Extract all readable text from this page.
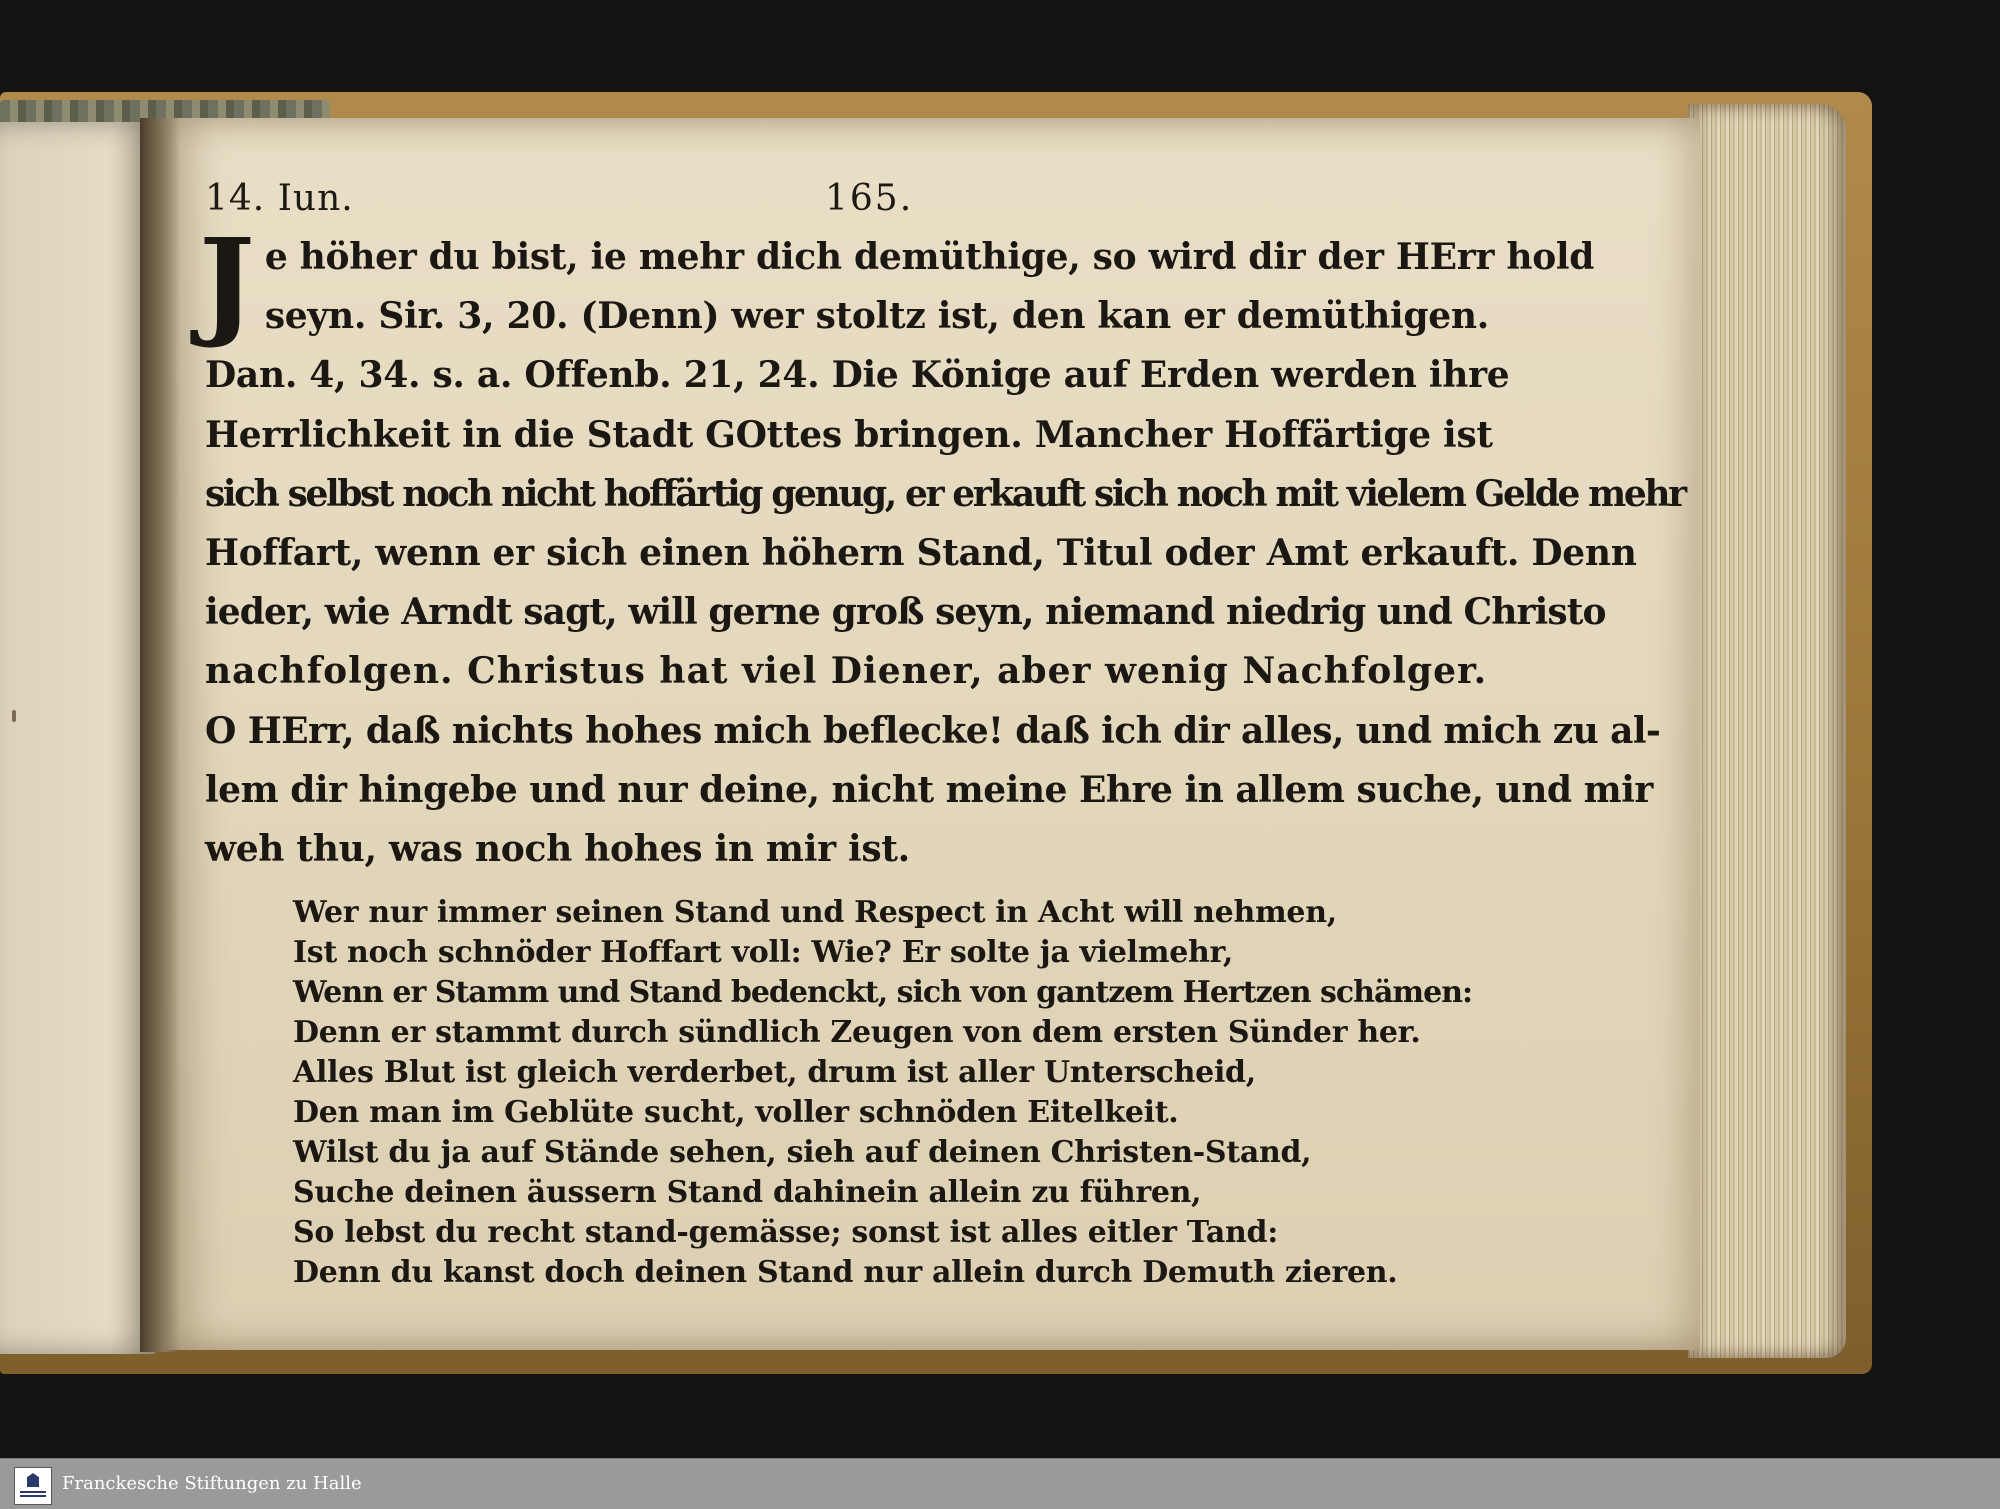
14. Iun.	165.
J e höher du bist, ie mehr dich demüthige, so wird dir der HErr hold
seyn. Sir. 3, 20. (Denn) wer stoltz ist, den kan er demüthigen.
Dan. 4, 34. s. a. Offenb. 21, 24. Die Könige auf Erden werden ihre
Herrlichkeit in die Stadt GOttes bringen. Mancher Hoffärtige ist
sich selbst noch nicht hoffärtig genug, er erkauft sich noch mit vielem Gelde mehr
Hoffart, wenn er sich einen höhern Stand, Titul oder Amt erkauft. Denn
ieder, wie Arndt sagt, will gerne groß seyn, niemand niedrig und Christo
nachfolgen. Christus hat viel Diener, aber wenig Nachfolger.
O HErr, daß nichts hohes mich beflecke! daß ich dir alles, und mich zu al-
lem dir hingebe und nur deine, nicht meine Ehre in allem suche, und mir
weh thu, was noch hohes in mir ist.
Wer nur immer seinen Stand und Respect in Acht will nehmen,
Ist noch schnöder Hoffart voll: Wie? Er solte ja vielmehr,
Wenn er Stamm und Stand bedenckt, sich von gantzem Hertzen schämen:
Denn er stammt durch sündlich Zeugen von dem ersten Sünder her.
Alles Blut ist gleich verderbet, drum ist aller Unterscheid,
Den man im Geblüte sucht, voller schnöden Eitelkeit.
Wilst du ja auf Stände sehen, sieh auf deinen Christen-Stand,
Suche deinen äussern Stand dahinein allein zu führen,
So lebst du recht stand-gemässe; sonst ist alles eitler Tand:
Denn du kanst doch deinen Stand nur allein durch Demuth zieren.
Franckesche Stiftungen zu Halle
